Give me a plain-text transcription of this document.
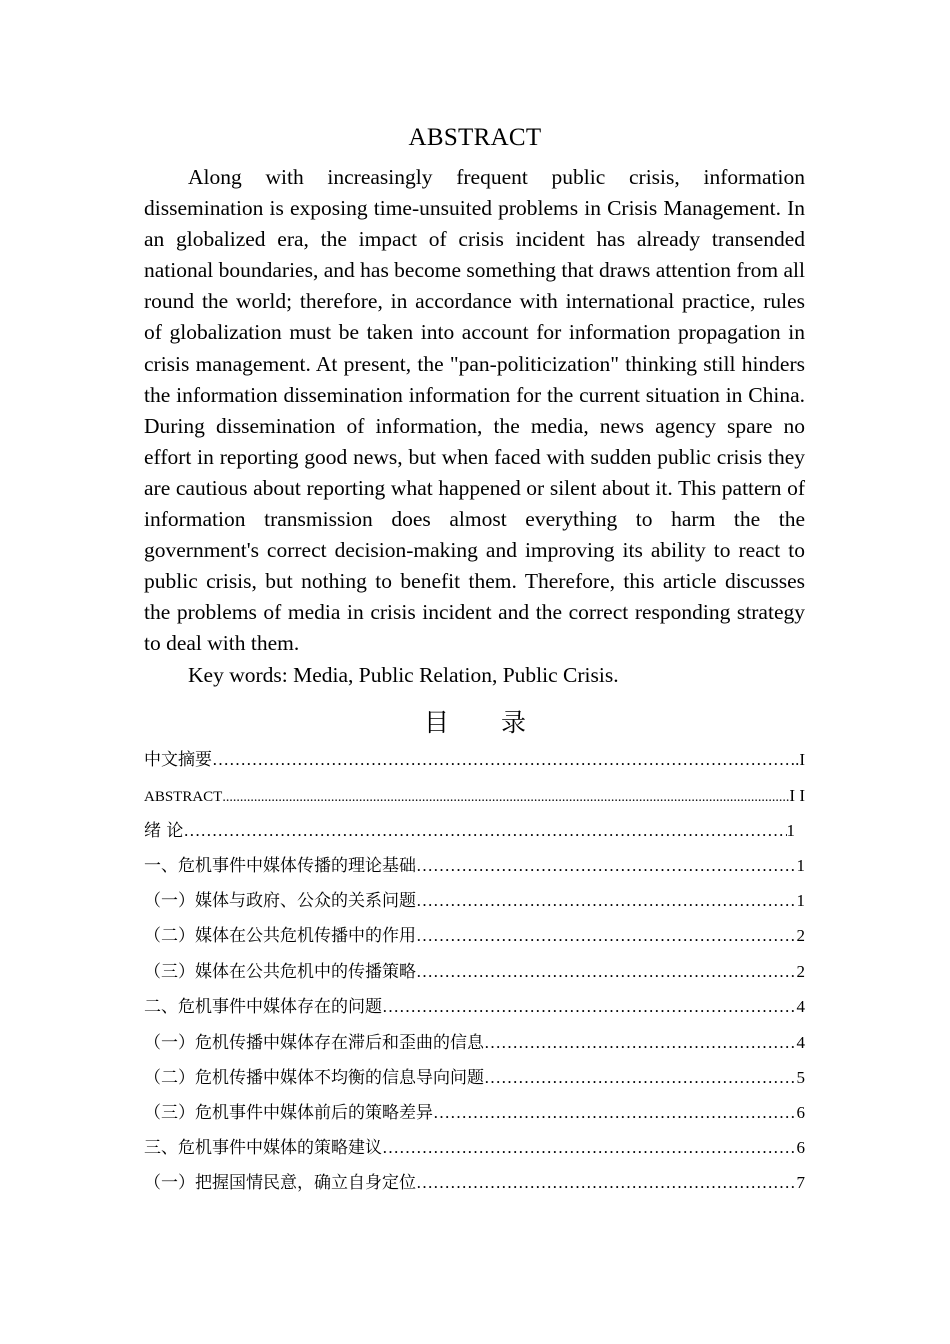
ABSTRACT

Along with increasingly frequent public crisis, information dissemination is exposing time-unsuited problems in Crisis Management. In an globalized era, the impact of crisis incident has already transended national boundaries, and has become something that draws attention from all round the world; therefore, in accordance with international practice, rules of globalization must be taken into account for information propagation in crisis management. At present, the "pan-politicization" thinking still hinders the information dissemination information for the current situation in China. During dissemination of information, the media, news agency spare no effort in reporting good news, but when faced with sudden public crisis they are cautious about reporting what happened or silent about it. This pattern of information transmission does almost everything to harm the the government's correct decision-making and improving its ability to react to public crisis, but nothing to benefit them. Therefore, this article discusses the problems of media in crisis incident and the correct responding strategy to deal with them.

Key words: Media, Public Relation, Public Crisis.

目 录
中文摘要 ……………………………………………………………………………………………………………………………………………………………………………………………………	.I
ABSTRACT .....	I I
绪 论 ……………………………………………………………………………………………………………………………………………………………………………………………………	1
一、危机事件中媒体传播的理论基础 ……………………………………………………………………………………………………………………………………………………………………………………………………	1
（一）媒体与政府、公众的关系问题 ……………………………………………………………………………………………………………………………………………………………………………………………………	1
（二）媒体在公共危机传播中的作用 ……………………………………………………………………………………………………………………………………………………………………………………………………	2
（三）媒体在公共危机中的传播策略 ……………………………………………………………………………………………………………………………………………………………………………………………………	2
二、危机事件中媒体存在的问题 ……………………………………………………………………………………………………………………………………………………………………………………………………	4
（一）危机传播中媒体存在滞后和歪曲的信息 ……………………………………………………………………………………………………………………………………………………………………………………………………	4
（二）危机传播中媒体不均衡的信息导向问题 ……………………………………………………………………………………………………………………………………………………………………………………………………	5
（三）危机事件中媒体前后的策略差异 ……………………………………………………………………………………………………………………………………………………………………………………………………	6
三、危机事件中媒体的策略建议 ……………………………………………………………………………………………………………………………………………………………………………………………………	6
（一）把握国情民意，确立自身定位 ……………………………………………………………………………………………………………………………………………………………………………………………………	7
